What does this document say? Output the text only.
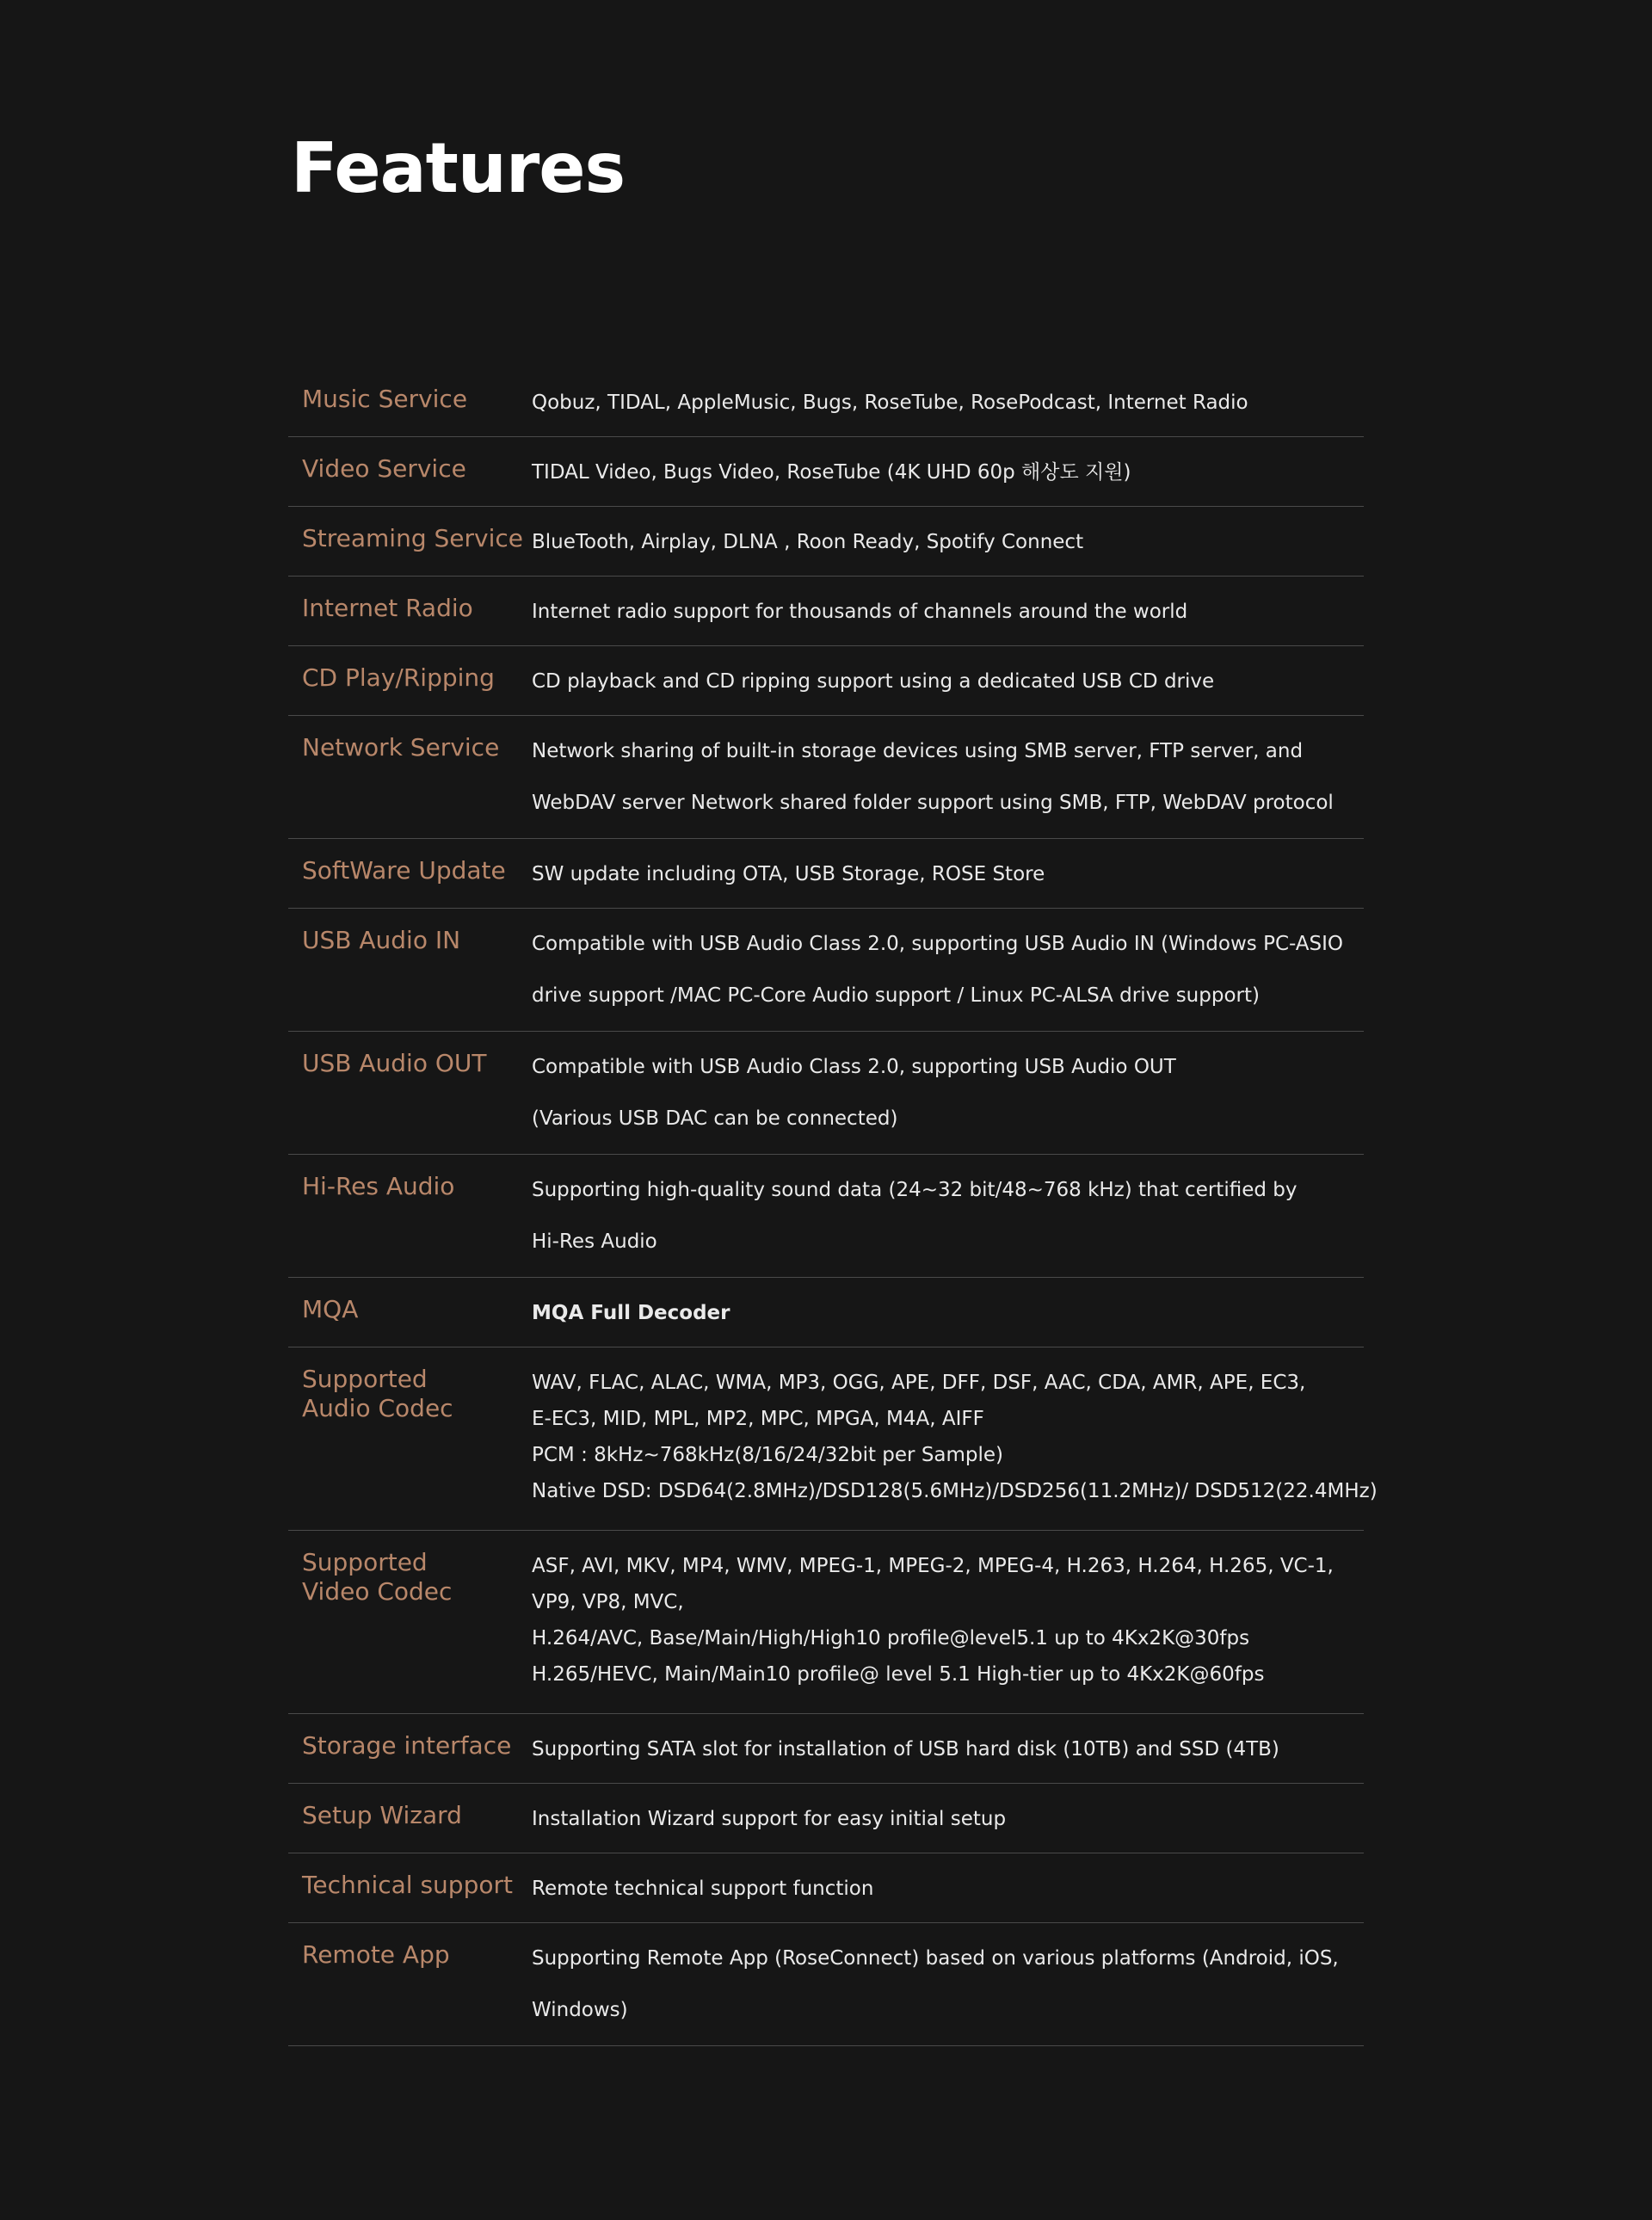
Features
Music Service	Qobuz, TIDAL, AppleMusic, Bugs, RoseTube, RosePodcast, Internet Radio

Video Service	TIDAL Video, Bugs Video, RoseTube (4K UHD 60p 해상도 지원)

Streaming Service	BlueTooth, Airplay, DLNA , Roon Ready, Spotify Connect

Internet Radio	Internet radio support for thousands of channels around the world

CD Play/Ripping	CD playback and CD ripping support using a dedicated USB CD drive

Network Service	Network sharing of built-in storage devices using SMB server, FTP server, and
WebDAV server Network shared folder support using SMB, FTP, WebDAV protocol

SoftWare Update	SW update including OTA, USB Storage, ROSE Store

USB Audio IN	Compatible with USB Audio Class 2.0, supporting USB Audio IN (Windows PC-ASIO
drive support /MAC PC-Core Audio support / Linux PC-ALSA drive support)

USB Audio OUT	Compatible with USB Audio Class 2.0, supporting USB Audio OUT
(Various USB DAC can be connected)

Hi-Res Audio	Supporting high-quality sound data (24~32 bit/48~768 kHz) that certified by
Hi-Res Audio

MQA	MQA Full Decoder

Supported
Audio Codec	WAV, FLAC, ALAC, WMA, MP3, OGG, APE, DFF, DSF, AAC, CDA, AMR, APE, EC3,
E-EC3, MID, MPL, MP2, MPC, MPGA, M4A, AIFF
PCM : 8kHz~768kHz(8/16/24/32bit per Sample)
Native DSD: DSD64(2.8MHz)/DSD128(5.6MHz)/DSD256(11.2MHz)/ DSD512(22.4MHz)

Supported
Video Codec	ASF, AVI, MKV, MP4, WMV, MPEG-1, MPEG-2, MPEG-4, H.263, H.264, H.265, VC-1,
VP9, VP8, MVC,
H.264/AVC, Base/Main/High/High10 profile@level5.1 up to 4Kx2K@30fps
H.265/HEVC, Main/Main10 profile@ level 5.1 High-tier up to 4Kx2K@60fps

Storage interface	Supporting SATA slot for installation of USB hard disk (10TB) and SSD (4TB)

Setup Wizard	Installation Wizard support for easy initial setup

Technical support	Remote technical support function

Remote App	Supporting Remote App (RoseConnect) based on various platforms (Android, iOS,
Windows)
